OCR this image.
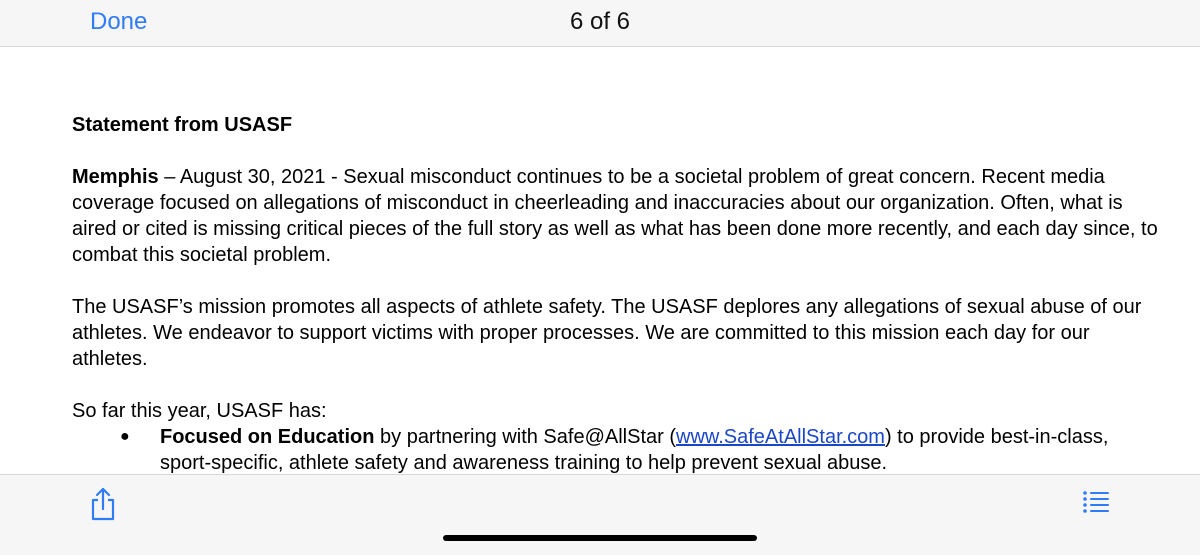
Done	6 of 6
Statement from USASF

Memphis – August 30, 2021 - Sexual misconduct continues to be a societal problem of great concern. Recent media coverage focused on allegations of misconduct in cheerleading and inaccuracies about our organization. Often, what is aired or cited is missing critical pieces of the full story as well as what has been done more recently, and each day since, to combat this societal problem.

The USASF’s mission promotes all aspects of athlete safety. The USASF deplores any allegations of sexual abuse of our athletes. We endeavor to support victims with proper processes. We are committed to this mission each day for our athletes.

So far this year, USASF has:

● Focused on Education by partnering with Safe@AllStar (www.SafeAtAllStar.com) to provide best-in-class, sport-specific, athlete safety and awareness training to help prevent sexual abuse.
